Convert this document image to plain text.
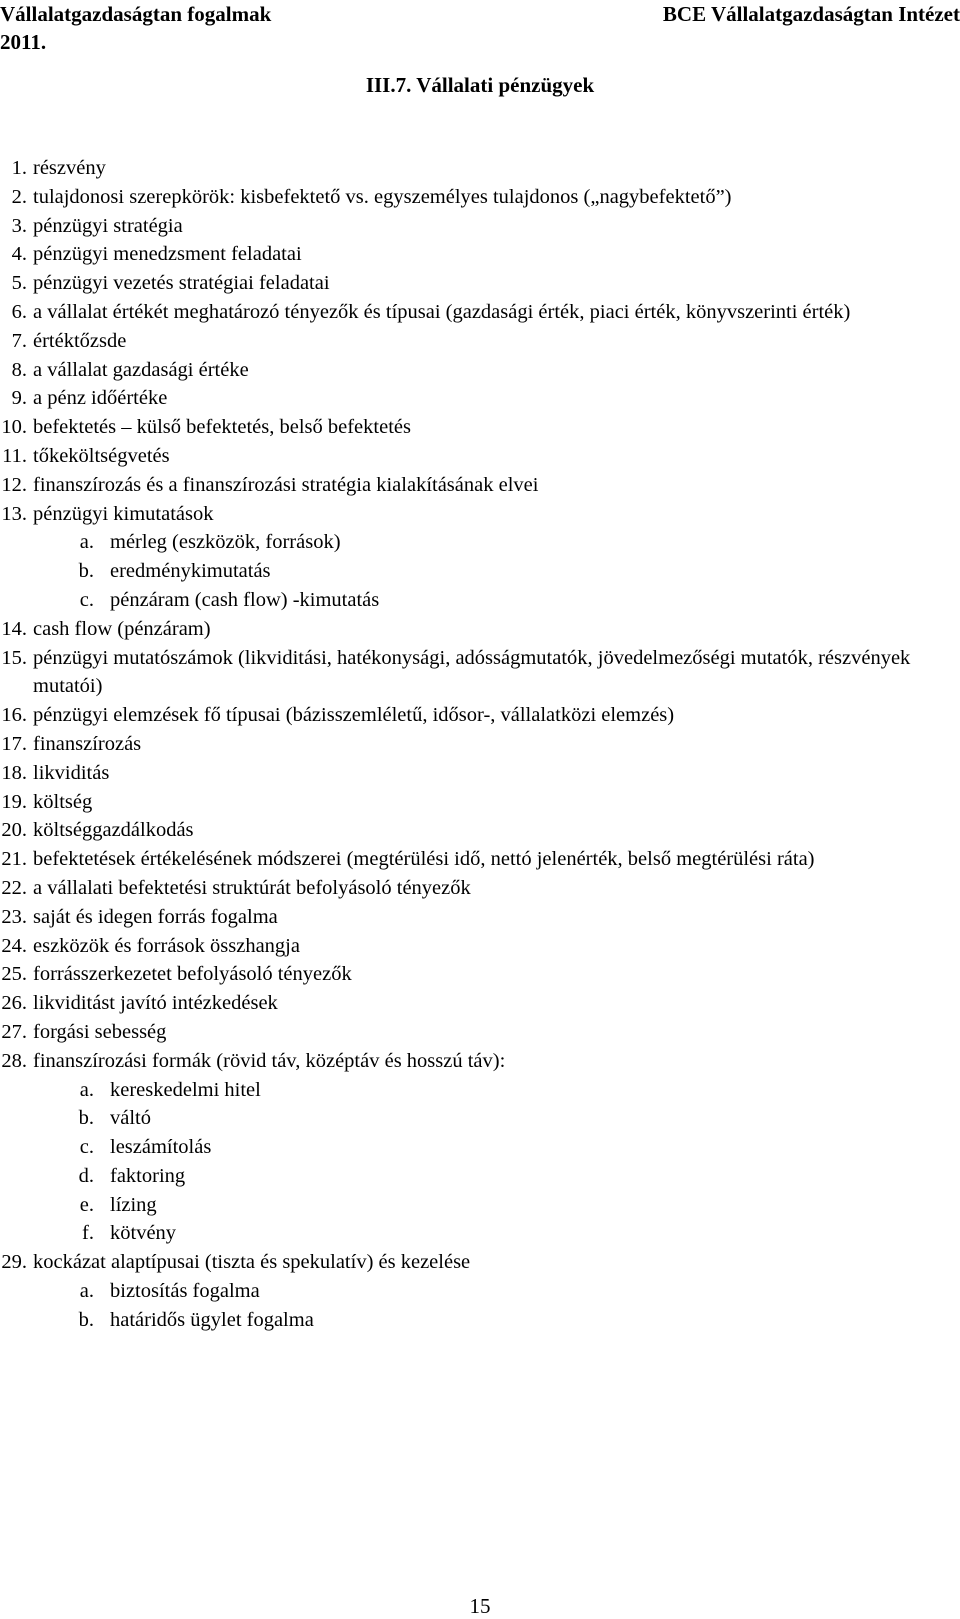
Vállalatgazdaságtan fogalmak	BCE Vállalatgazdaságtan Intézet
2011.
III.7. Vállalati pénzügyek
1. részvény
2. tulajdonosi szerepkörök: kisbefektető vs. egyszemélyes tulajdonos („nagybefektető”)
3. pénzügyi stratégia
4. pénzügyi menedzsment feladatai
5. pénzügyi vezetés stratégiai feladatai
6. a vállalat értékét meghatározó tényezők és típusai (gazdasági érték, piaci érték, könyvszerinti érték)
7. értéktőzsde
8. a vállalat gazdasági értéke
9. a pénz időértéke
10. befektetés – külső befektetés, belső befektetés
11. tőkeköltségvetés
12. finanszírozás és a finanszírozási stratégia kialakításának elvei
13. pénzügyi kimutatások
a. mérleg (eszközök, források)
b. eredménykimutatás
c. pénzáram (cash flow) -kimutatás
14. cash flow (pénzáram)
15. pénzügyi mutatószámok (likviditási, hatékonysági, adósságmutatók, jövedelmezőségi mutatók, részvények mutatói)
16. pénzügyi elemzések fő típusai (bázisszemléletű, idősor-, vállalatközi elemzés)
17. finanszírozás
18. likviditás
19. költség
20. költséggazdálkodás
21. befektetések értékelésének módszerei (megtérülési idő, nettó jelenérték, belső megtérülési ráta)
22. a vállalati befektetési struktúrát befolyásoló tényezők
23. saját és idegen forrás fogalma
24. eszközök és források összhangja
25. forrásszerkezetet befolyásoló tényezők
26. likviditást javító intézkedések
27. forgási sebesség
28. finanszírozási formák (rövid táv, középtáv és hosszú táv):
a. kereskedelmi hitel
b. váltó
c. leszámítolás
d. faktoring
e. lízing
f. kötvény
29. kockázat alaptípusai (tiszta és spekulatív) és kezelése
a. biztosítás fogalma
b. határidős ügylet fogalma
15
